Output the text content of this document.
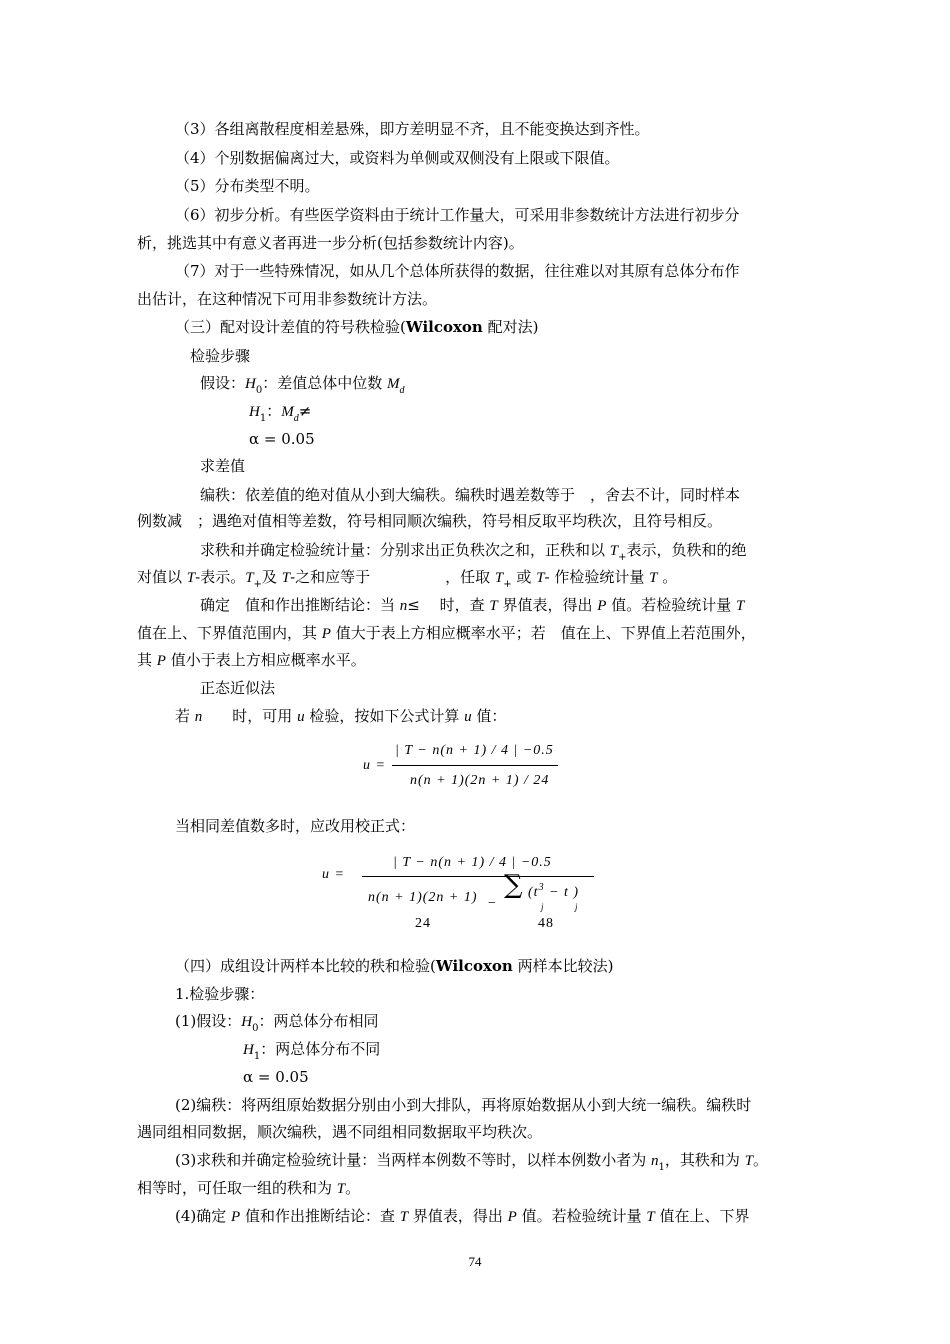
（3）各组离散程度相差悬殊，即方差明显不齐，且不能变换达到齐性。
（4）个别数据偏离过大，或资料为单侧或双侧没有上限或下限值。
（5）分布类型不明。
（6）初步分析。有些医学资料由于统计工作量大，可采用非参数统计方法进行初步分
析，挑选其中有意义者再进一步分析(包括参数统计内容)。
（7）对于一些特殊情况，如从几个总体所获得的数据，往往难以对其原有总体分布作
出估计，在这种情况下可用非参数统计方法。
（三）配对设计差值的符号秩检验(Wilcoxon 配对法)
检验步骤
假设：$H_0$：差值总体中位数 $M_d$
$H_1$：$M_d\ne$
α = 0.05
求差值
编秩：依差值的绝对值从小到大编秩。编秩时遇差数等于　，舍去不计，同时样本
例数减　；遇绝对值相等差数，符号相同顺次编秩，符号相反取平均秩次，且符号相反。
求秩和并确定检验统计量：分别求出正负秩次之和，正秩和以 $T_+$表示，负秩和的绝
对值以 T-表示。$T_+$及 T-之和应等于　　　　　，任取 $T_+$ 或 T- 作检验统计量 T 。
确定　值和作出推断结论：当 n≤　 时，查 T 界值表，得出 P 值。若检验统计量 T
值在上、下界值范围内，其 P 值大于表上方相应概率水平；若　值在上、下界值上若范围外，
其 P 值小于表上方相应概率水平。
正态近似法
若 n　　时，可用 u 检验，按如下公式计算 u 值：
u =
| T − n(n + 1) / 4 | −0.5
n(n + 1)(2n + 1) / 24
当相同差值数多时，应改用校正式：
u =
| T − n(n + 1) / 4 | −0.5
n(n + 1)(2n + 1) −
∑ ($t^3 - t$ )
j	j
24	48
（四）成组设计两样本比较的秩和检验(Wilcoxon 两样本比较法)
1.检验步骤：
(1)假设：$H_0$：两总体分布相同
$H_1$：两总体分布不同
α = 0.05
(2)编秩：将两组原始数据分别由小到大排队，再将原始数据从小到大统一编秩。编秩时
遇同组相同数据，顺次编秩，遇不同组相同数据取平均秩次。
(3)求秩和并确定检验统计量：当两样本例数不等时，以样本例数小者为 $n_1$，其秩和为 T。
相等时，可任取一组的秩和为 T。
(4)确定 P 值和作出推断结论：查 T 界值表，得出 P 值。若检验统计量 T 值在上、下界
74
